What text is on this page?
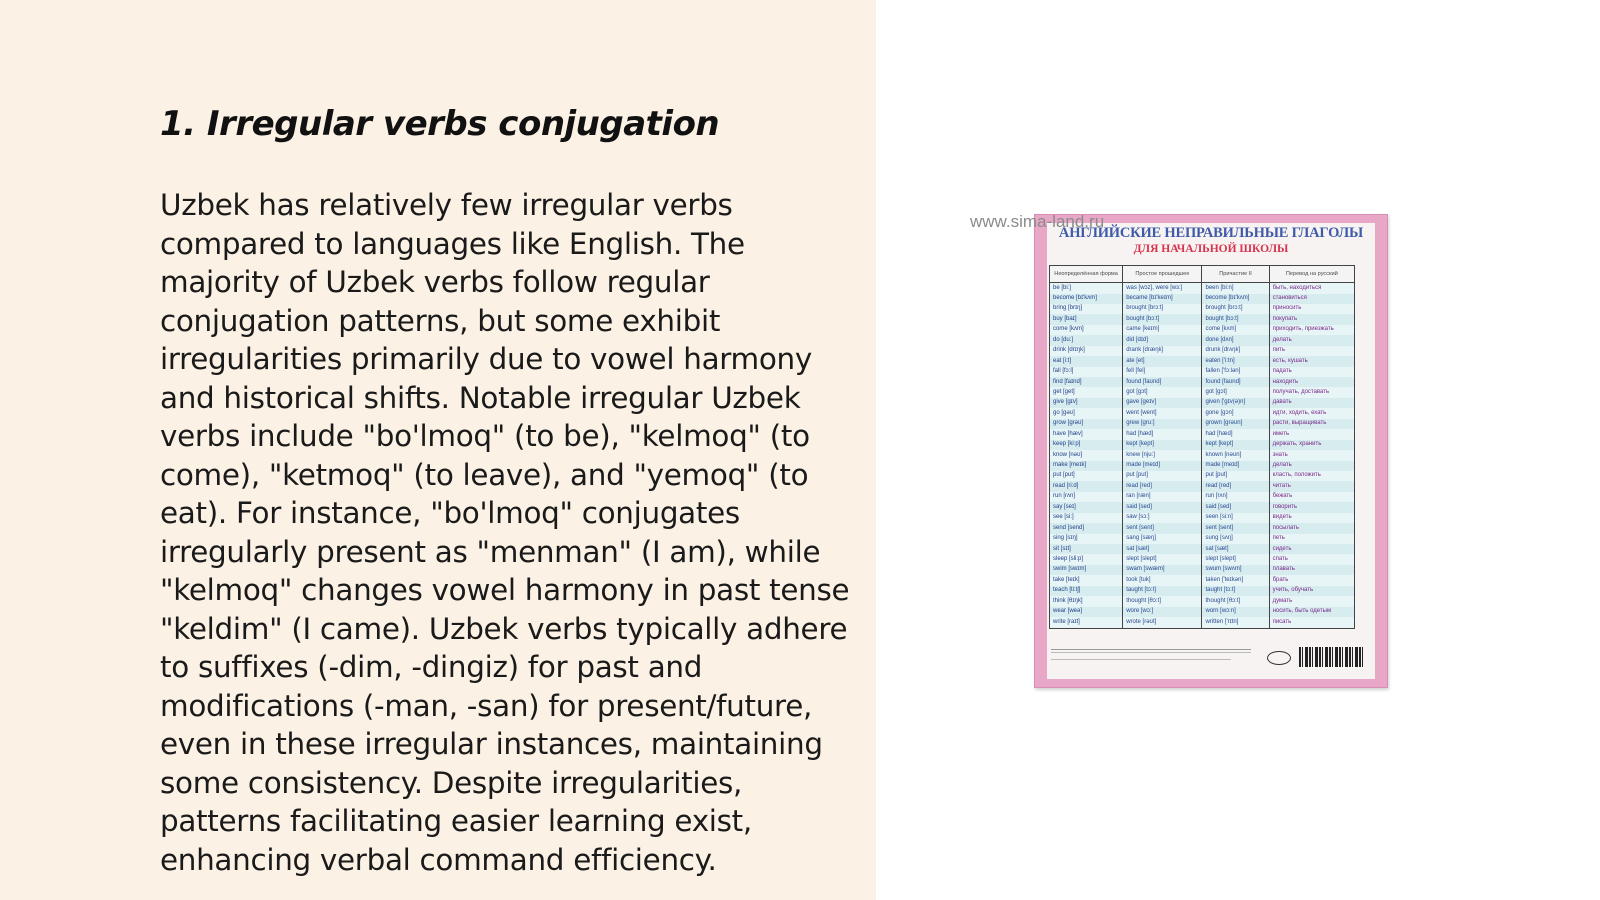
1. Irregular verbs conjugation

Uzbek has relatively few irregular verbs compared to languages like English. The majority of Uzbek verbs follow regular conjugation patterns, but some exhibit irregularities primarily due to vowel harmony and historical shifts. Notable irregular Uzbek verbs include "bo'lmoq" (to be), "kelmoq" (to come), "ketmoq" (to leave), and "yemoq" (to eat). For instance, "bo'lmoq" conjugates irregularly present as "menman" (I am), while "kelmoq" changes vowel harmony in past tense "keldim" (I came). Uzbek verbs typically adhere to suffixes (-dim, -dingiz) for past and modifications (-man, -san) for present/future, even in these irregular instances, maintaining some consistency. Despite irregularities, patterns facilitating easier learning exist, enhancing verbal command efficiency.

www.sima-land.ru
АНГЛИЙСКИЕ НЕПРАВИЛЬНЫЕ ГЛАГОЛЫ
ДЛЯ НАЧАЛЬНОЙ ШКОЛЫ
Неопределённая форма	Простое прошедшее	Причастие II	Перевод на русский
be [bi:]	was [wɔz], were [wɜ:]	been [bi:n]	быть, находиться
become [bɪ'kʌm]	became [bɪ'keɪm]	become [bɪ'kʌm]	становиться
bring [brɪŋ]	brought [brɔ:t]	brought [brɔ:t]	приносить
buy [baɪ]	bought [bɔ:t]	bought [bɔ:t]	покупать
come [kʌm]	came [keɪm]	come [kʌm]	приходить, приезжать
do [du:]	did [dɪd]	done [dʌn]	делать
drink [drɪŋk]	drank [dræŋk]	drunk [drʌŋk]	пить
eat [i:t]	ate [et]	eaten ['i:tn]	есть, кушать
fall [fɔ:l]	fell [fel]	fallen ['fɔ:lən]	падать
find [faɪnd]	found [faʊnd]	found [faʊnd]	находить
get [get]	got [gɔt]	got [gɔt]	получать, доставать
give [gɪv]	gave [geɪv]	given ['gɪv(ə)n]	давать
go [gəʊ]	went [went]	gone [gɔn]	идти, ходить, ехать
grow [grəʊ]	grew [gru:]	grown [grəʊn]	расти, выращивать
have [hæv]	had [hæd]	had [hæd]	иметь
keep [ki:p]	kept [kept]	kept [kept]	держать, хранить
know [nəʊ]	knew [nju:]	known [nəʊn]	знать
make [meɪk]	made [meɪd]	made [meɪd]	делать
put [put]	put [put]	put [put]	класть, положить
read [ri:d]	read [red]	read [red]	читать
run [rʌn]	ran [ræn]	run [rʌn]	бежать
say [seɪ]	said [sed]	said [sed]	говорить
see [si:]	saw [sɔ:]	seen [si:n]	видеть
send [send]	sent [sent]	sent [sent]	посылать
sing [sɪŋ]	sang [sæŋ]	sung [sʌŋ]	петь
sit [sɪt]	sat [sæt]	sat [sæt]	сидеть
sleep [sli:p]	slept [slept]	slept [slept]	спать
swim [swɪm]	swam [swæm]	swum [swʌm]	плавать
take [teɪk]	took [tuk]	taken ['teɪkən]	брать
teach [ti:tʃ]	taught [tɔ:t]	taught [tɔ:t]	учить, обучать
think [θɪŋk]	thought [θɔ:t]	thought [θɔ:t]	думать
wear [weə]	wore [wɔ:]	worn [wɔ:n]	носить, быть одетым
write [raɪt]	wrote [rəʊt]	written ['rɪtn]	писать
